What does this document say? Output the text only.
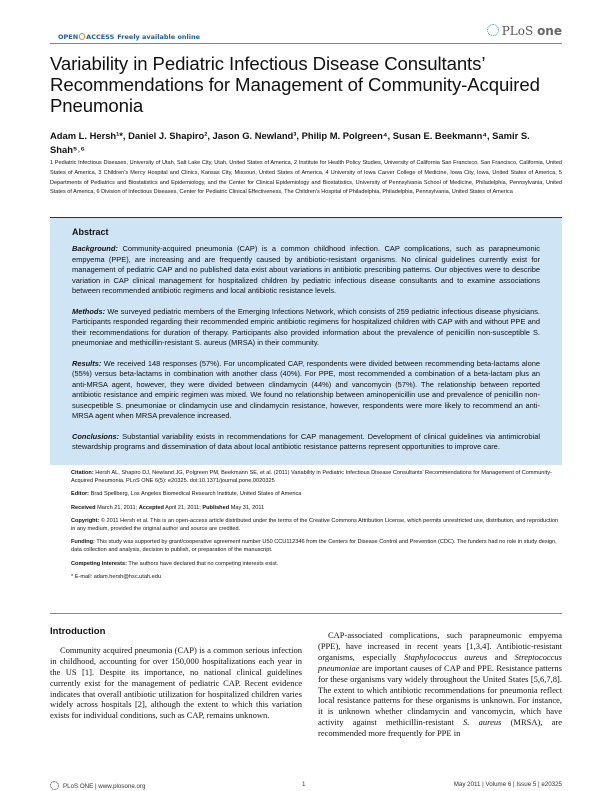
OPEN ACCESS Freely available online	PLoS one
Variability in Pediatric Infectious Disease Consultants’ Recommendations for Management of Community-Acquired Pneumonia
Adam L. Hersh¹*, Daniel J. Shapiro², Jason G. Newland³, Philip M. Polgreen⁴, Susan E. Beekmann⁴, Samir S. Shah⁵˒⁶
1 Pediatric Infectious Diseases, University of Utah, Salt Lake City, Utah, United States of America, 2 Institute for Health Policy Studies, University of California San Francisco, San Francisco, California, United States of America, 3 Children’s Mercy Hospital and Clinics, Kansas City, Missouri, United States of America, 4 University of Iowa Carver College of Medicine, Iowa City, Iowa, United States of America, 5 Departments of Pediatrics and Biostatistics and Epidemiology, and the Center for Clinical Epidemiology and Biostatistics, University of Pennsylvania School of Medicine, Philadelphia, Pennsylvania, United States of America, 6 Division of Infectious Diseases, Center for Pediatric Clinical Effectiveness, The Children’s Hospital of Philadelphia, Philadelphia, Pennsylvania, United States of America
Abstract

Background: Community-acquired pneumonia (CAP) is a common childhood infection. CAP complications, such as parapneumonic empyema (PPE), are increasing and are frequently caused by antibiotic-resistant organisms. No clinical guidelines currently exist for management of pediatric CAP and no published data exist about variations in antibiotic prescribing patterns. Our objectives were to describe variation in CAP clinical management for hospitalized children by pediatric infectious disease consultants and to examine associations between recommended antibiotic regimens and local antibiotic resistance levels.

Methods: We surveyed pediatric members of the Emerging Infections Network, which consists of 259 pediatric infectious disease physicians. Participants responded regarding their recommended empiric antibiotic regimens for hospitalized children with CAP with and without PPE and their recommendations for duration of therapy. Participants also provided information about the prevalence of penicillin non-susceptible S. pneumoniae and methicillin-resistant S. aureus (MRSA) in their community.

Results: We received 148 responses (57%). For uncomplicated CAP, respondents were divided between recommending beta-lactams alone (55%) versus beta-lactams in combination with another class (40%). For PPE, most recommended a combination of a beta-lactam plus an anti-MRSA agent, however, they were divided between clindamycin (44%) and vancomycin (57%). The relationship between reported antibiotic resistance and empiric regimen was mixed. We found no relationship between aminopenicillin use and prevalence of penicillin non-susecpetible S. pneumoniae or clindamycin use and clindamycin resistance, however, respondents were more likely to recommend an anti-MRSA agent when MRSA prevalence increased.

Conclusions: Substantial variability exists in recommendations for CAP management. Development of clinical guidelines via antimicrobial stewardship programs and dissemination of data about local antibiotic resistance patterns represent opportunities to improve care.

Citation: Hersh AL, Shapiro DJ, Newland JG, Polgreen PM, Beekmann SE, et al. (2011) Variability in Pediatric Infectious Disease Consultants’ Recommendations for Management of Community-Acquired Pneumonia. PLoS ONE 6(5): e20325. doi:10.1371/journal.pone.0020325

Editor: Brad Spellberg, Los Angeles Biomedical Research Institute, United States of America

Received March 21, 2011; Accepted April 21, 2011; Published May 31, 2011

Copyright: © 2011 Hersh et al. This is an open-access article distributed under the terms of the Creative Commons Attribution License, which permits unrestricted use, distribution, and reproduction in any medium, provided the original author and source are credited.

Funding: This study was supported by grant/cooperative agreement number U50 CCU112346 from the Centers for Disease Control and Prevention (CDC). The funders had no role in study design, data collection and analysis, decision to publish, or preparation of the manuscript.

Competing Interests: The authors have declared that no competing interests exist.

* E-mail: adam.hersh@hsc.utah.edu

Introduction

Community acquired pneumonia (CAP) is a common serious infection in childhood, accounting for over 150,000 hospitalizations each year in the US [1]. Despite its importance, no national clinical guidelines currently exist for the management of pediatric CAP. Recent evidence indicates that overall antibiotic utilization for hospitalized children varies widely across hospitals [2], although the extent to which this variation exists for individual conditions, such as CAP, remains unknown.

CAP-associated complications, such parapneumonic empyema (PPE), have increased in recent years [1,3,4]. Antibiotic-resistant organisms, especially Staphylococcus aureus and Streptococcus pneumoniae are important causes of CAP and PPE. Resistance patterns for these organisms vary widely throughout the United States [5,6,7,8]. The extent to which antibiotic recommendations for pneumonia reflect local resistance patterns for these organisms is unknown. For instance, it is unknown whether clindamycin and vancomycin, which have activity against methicillin-resistant S. aureus (MRSA), are recommended more frequently for PPE in

PLoS ONE | www.plosone.org	1	May 2011 | Volume 6 | Issue 5 | e20325
